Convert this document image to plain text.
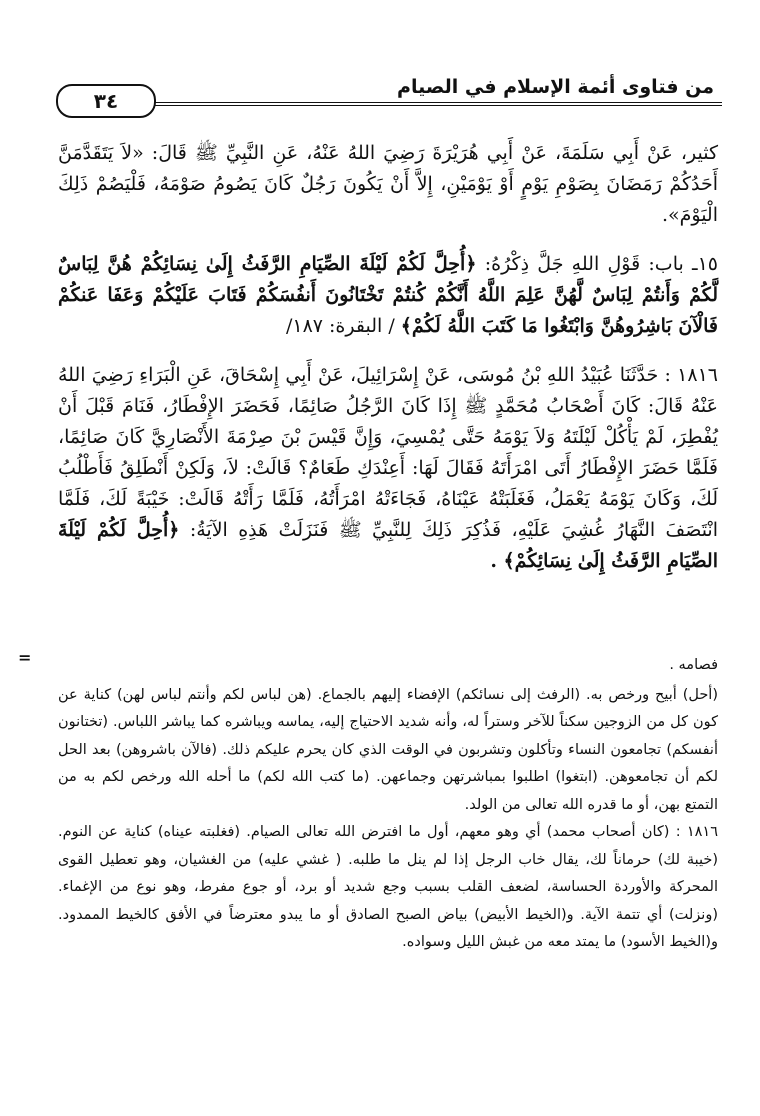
من فتاوى أئمة الإسلام في الصيام
٣٤

كثير، عَنْ أَبِي سَلَمَةَ، عَنْ أَبِي هُرَيْرَةَ رَضِيَ اللهُ عَنْهُ، عَنِ النَّبِيِّ ﷺ قَالَ: «لاَ يَتَقَدَّمَنَّ أَحَدُكُمْ رَمَضَانَ بِصَوْمِ يَوْمٍ أَوْ يَوْمَيْنِ، إِلاَّ أَنْ يَكُونَ رَجُلٌ كَانَ يَصُومُ صَوْمَهُ، فَلْيَصُمْ ذَلِكَ الْيَوْمَ».

١٥ـ باب: قَوْلِ اللهِ جَلَّ ذِكْرُهُ: ﴿أُحِلَّ لَكُمْ لَيْلَةَ الصِّيَامِ الرَّفَثُ إِلَىٰ نِسَائِكُمْ هُنَّ لِبَاسٌ لَّكُمْ وَأَنتُمْ لِبَاسٌ لَّهُنَّ عَلِمَ اللَّهُ أَنَّكُمْ كُنتُمْ تَخْتَانُونَ أَنفُسَكُمْ فَتَابَ عَلَيْكُمْ وَعَفَا عَنكُمْ فَالْآنَ بَاشِرُوهُنَّ وَابْتَغُوا مَا كَتَبَ اللَّهُ لَكُمْ﴾ / البقرة: ١٨٧/

١٨١٦ : حَدَّثَنَا عُبَيْدُ اللهِ بْنُ مُوسَى، عَنْ إِسْرَائِيلَ، عَنْ أَبِي إِسْحَاقَ، عَنِ الْبَرَاءِ رَضِيَ اللهُ عَنْهُ قَالَ: كَانَ أَصْحَابُ مُحَمَّدٍ ﷺ إِذَا كَانَ الرَّجُلُ صَائِمًا، فَحَضَرَ الإِفْطَارُ، فَنَامَ قَبْلَ أَنْ يُفْطِرَ، لَمْ يَأْكُلْ لَيْلَتَهُ وَلاَ يَوْمَهُ حَتَّى يُمْسِيَ، وَإِنَّ قَيْسَ بْنَ صِرْمَةَ الأَنْصَارِيَّ كَانَ صَائِمًا، فَلَمَّا حَضَرَ الإِفْطَارُ أَتَى امْرَأَتَهُ فَقَالَ لَهَا: أَعِنْدَكِ طَعَامٌ؟ قَالَتْ: لاَ، وَلَكِنْ أَنْطَلِقُ فَأَطْلُبُ لَكَ، وَكَانَ يَوْمَهُ يَعْمَلُ، فَغَلَبَتْهُ عَيْنَاهُ، فَجَاءَتْهُ امْرَأَتُهُ، فَلَمَّا رَأَتْهُ قَالَتْ: خَيْبَةً لَكَ، فَلَمَّا انْتَصَفَ النَّهَارُ غُشِيَ عَلَيْهِ، فَذُكِرَ ذَلِكَ لِلنَّبِيِّ ﷺ فَنَزَلَتْ هَذِهِ الآيَةُ: ﴿أُحِلَّ لَكُمْ لَيْلَةَ الصِّيَامِ الرَّفَثُ إِلَىٰ نِسَائِكُمْ﴾ .

=	فصامه .

(أحل) أبيح ورخص به. (الرفث إلى نسائكم) الإفضاء إليهم بالجماع. (هن لباس لكم وأنتم لباس لهن) كناية عن كون كل من الزوجين سكناً للآخر وستراً له، وأنه شديد الاحتياج إليه، يماسه ويباشره كما يباشر اللباس. (تختانون أنفسكم) تجامعون النساء وتأكلون وتشربون في الوقت الذي كان يحرم عليكم ذلك. (فالآن باشروهن) بعد الحل لكم أن تجامعوهن. (ابتغوا) اطلبوا بمباشرتهن وجماعهن. (ما كتب الله لكم) ما أحله الله ورخص لكم به من التمتع بهن، أو ما قدره الله تعالى من الولد.

١٨١٦ : (كان أصحاب محمد) أي وهو معهم، أول ما افترض الله تعالى الصيام. (فغلبته عيناه) كناية عن النوم. (خيبة لك) حرماناً لك، يقال خاب الرجل إذا لم ينل ما طلبه. ( غشي عليه) من الغشيان، وهو تعطيل القوى المحركة والأوردة الحساسة، لضعف القلب بسبب وجع شديد أو برد، أو جوع مفرط، وهو نوع من الإغماء. (ونزلت) أي تتمة الآية. و(الخيط الأبيض) بياض الصبح الصادق أو ما يبدو معترضاً في الأفق كالخيط الممدود. و(الخيط الأسود) ما يمتد معه من غبش الليل وسواده.
